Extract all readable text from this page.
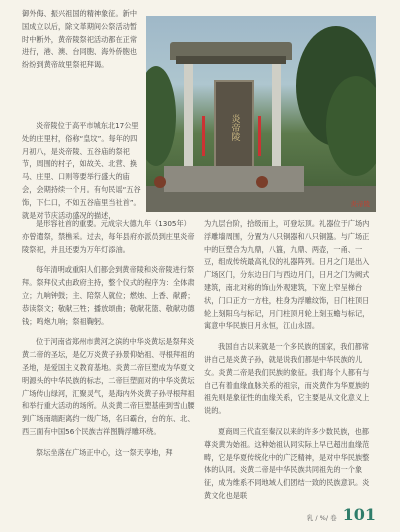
御外侮、振兴祖国的精神象征。新中国成立以后，除文革期间公祭活动暂时中断外，黄帝陵祭祀活动都在正常进行，港、澳、台同胞、海外侨胞也纷纷到黄帝故里祭祀拜谒。
炎帝陵
炎帝陵

炎帝陵位于高平市城东北17公里处的庄里村，俗称“皇坟”。每年的四月初八，是炎帝陵、五谷庙的祭祀节，周围的村子，如故关、北营、换马、庄里、口则等要举行盛大的庙会，会期持续一个月。有句民谣“五谷饰，下仁口，不如五谷庙里当社首”。就是对节庆活动盛况的描述，

是形容社首的重要。元成宗大德九年（1305年）亦曾遣祭，禁樵采。过去，每年县府亦派员到庄里炎帝陵祭祀，并且还要为万年灯添油。

每年清明或重阳人们都会到黄帝陵和炎帝陵进行祭拜。祭拜仪式由政府主持，整个仪式的程序为：全体肃立；九响钟鼓；主、陪祭人就位；燃烛、上香、献爵；恭读祭文；敬献三牲；播放颂曲；敬献花篮、敬献功德钱；鸣炮九响；祭祖鞠躬。

位于河南省郑州市黄河之滨的中华炎黄坛是祭拜炎黄二帝的圣坛，是亿万炎黄子孙景仰始祖、寻根拜祖的圣地，是爱国主义教育基地。炎黄二帝巨塑成为华夏文明源头的中华民族的标志，二帝巨塑面对的中华炎黄坛广场传山绿河，汇聚灵气，是海内外炎黄子孙寻根拜祖和举行重大活动的场所。从炎黄二帝巨塑基座到雪山腰到广场南端距离约一级广场，名曰霸台，台的东、北、西三面有中国56个民族吉祥图腾浮雕环绕。

祭坛坐落在广场正中心，这一祭天享地，拜

为九层台阶，拾级而上，可登坛顶。礼器位于广场内浮雕墙周围，分置为八只铜器和八只铜簋。与广场正中的巨塑合为九鼎，八簋，九鼎、两壶，一甬、一豆，组成传统最高礼仪的礼器阵列。日月之门是出入广场区门，分东边日门与西边月门，日月之门为阙式建筑，南北对称的饰山外观建筑，下宽上窄呈梯台状，门口正方一方柱，柱身为浮雕纹饰，日门柱顶日轮上刻阳乌与标记，月门柱顶月轮上刻玉蟾与标记，寓意中华民族日月永恒，江山永固。

我国自古以来就是一个多民族的国家，我们都常讲自己是炎黄子孙，就是说我们都是中华民族的儿女。炎黄二帝是我们民族的象征。我们每个人都有与自己有着血缘血脉关系的祖宗，而炎黄作为华夏族的祖先则是象征性的血缘关系，它主要是从文化意义上说的。

夏商周三代直至秦汉以来的许多少数民族，也都尊炎黄为始祖。这种始祖认同实际上早已超出血缘范畴，它是华夏传统化中的广泛精神，是对中华民族整体的认同。炎黄二帝是中华民族共同祖先的一个象征，成为维系不同地域人们团结一致的民族意识。炎黄文化也是联

乳 / %/ 卷 101
